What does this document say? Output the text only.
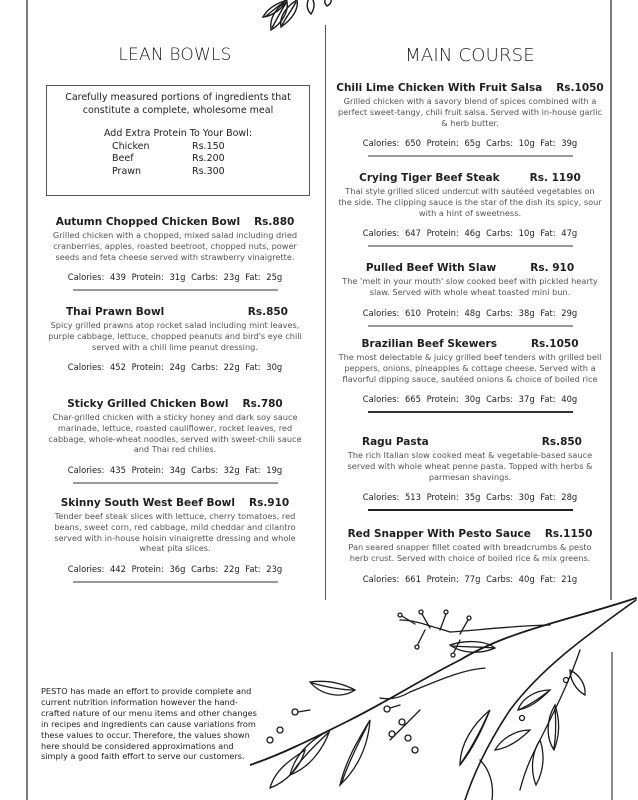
LEAN BOWLS
Carefully measured portions of ingredients that constitute a complete, wholesome meal
Add Extra Protein To Your Bowl:
Chicken	Rs.150
Beef	Rs.200
Prawn	Rs.300
Autumn Chopped Chicken Bowl Rs.880
Grilled chicken with a chopped, mixed salad including dried cranberries, apples, roasted beetroot, chopped nuts, power seeds and feta cheese served with strawberry vinaigrette.
Calories: 439 Protein: 31g Carbs: 23g Fat: 25g
Thai Prawn Bowl	Rs.850
Spicy grilled prawns atop rocket salad including mint leaves, purple cabbage, lettuce, chopped peanuts and bird's eye chili served with a chili lime peanut dressing.
Calories: 452 Protein: 24g Carbs: 22g Fat: 30g
Sticky Grilled Chicken Bowl Rs.780
Char-grilled chicken with a sticky honey and dark soy sauce marinade, lettuce, roasted cauliflower, rocket leaves, red cabbage, whole-wheat noodles, served with sweet-chili sauce and Thai red chilies.
Calories: 435 Protein: 34g Carbs: 32g Fat: 19g
Skinny South West Beef Bowl Rs.910
Tender beef steak slices with lettuce, cherry tomatoes, red beans, sweet corn, red cabbage, mild cheddar and cilantro served with in-house hoisin vinaigrette dressing and whole wheat pita slices.
Calories: 442 Protein: 36g Carbs: 22g Fat: 23g
MAIN COURSE
Chili Lime Chicken With Fruit Salsa Rs.1050
Grilled chicken with a savory blend of spices combined with a perfect sweet-tangy, chili fruit salsa. Served with in-house garlic & herb butter.
Calories: 650 Protein: 65g Carbs: 10g Fat: 39g
Crying Tiger Beef Steak	Rs. 1190
Thai style grilled sliced undercut with sautéed vegetables on the side. The clipping sauce is the star of the dish its spicy, sour with a hint of sweetness.
Calories: 647 Protein: 46g Carbs: 10g Fat: 47g
Pulled Beef With Slaw	Rs. 910
The 'melt in your mouth' slow cooked beef with pickled hearty slaw. Served with whole wheat toasted mini bun.
Calories: 610 Protein: 48g Carbs: 38g Fat: 29g
Brazilian Beef Skewers	Rs.1050
The most delectable & juicy grilled beef tenders with grilled bell peppers, onions, pineapples & cottage cheese. Served with a flavorful dipping sauce, sautéed onions & choice of boiled rice
Calories: 665 Protein: 30g Carbs: 37g Fat: 40g
Ragu Pasta	Rs.850
The rich Italian slow cooked meat & vegetable-based sauce served with whole wheat penne pasta. Topped with herbs & parmesan shavings.
Calories: 513 Protein: 35g Carbs: 30g Fat: 28g
Red Snapper With Pesto Sauce Rs.1150
Pan seared snapper fillet coated with breadcrumbs & pesto herb crust. Served with choice of boiled rice & mix greens.
Calories: 661 Protein: 77g Carbs: 40g Fat: 21g
PESTO has made an effort to provide complete and current nutrition information however the hand-crafted nature of our menu items and other changes in recipes and ingredients can cause variations from these values to occur. Therefore, the values shown here should be considered approximations and simply a good faith effort to serve our customers.
